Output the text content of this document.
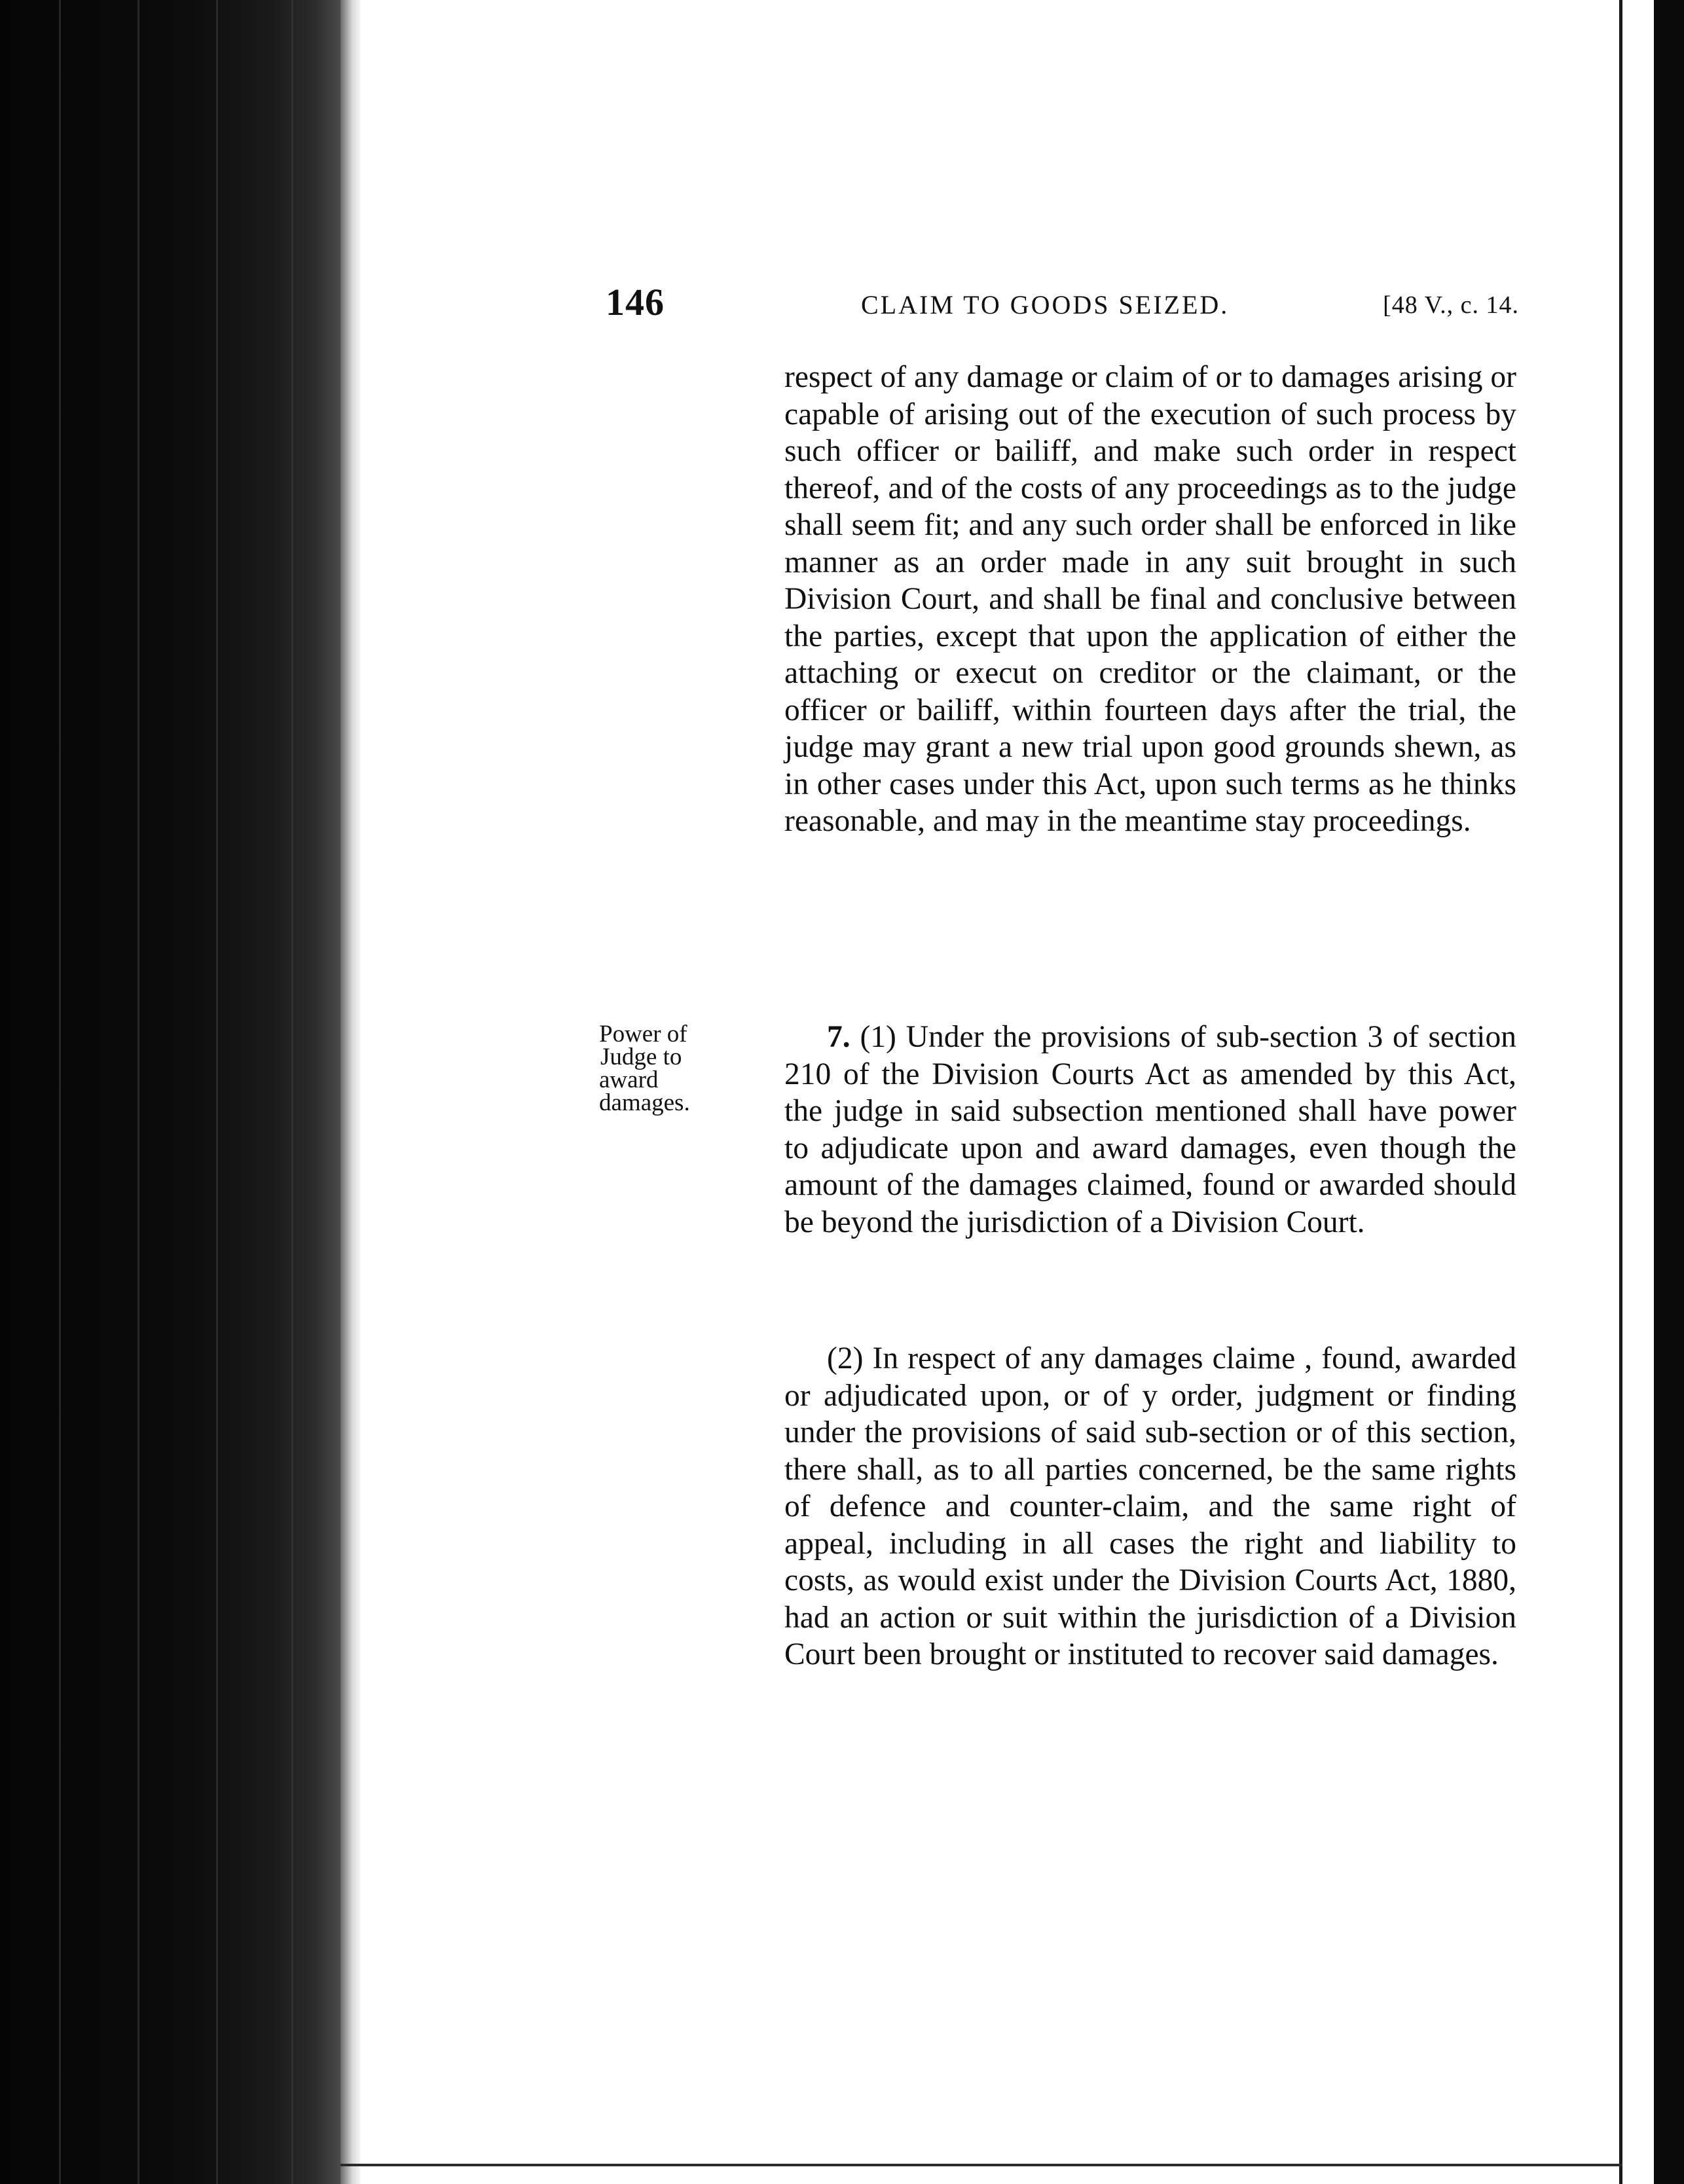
146	CLAIM TO GOODS SEIZED.	[48 V., c. 14.

respect of any damage or claim of or to damages arising or capable of arising out of the execution of such process by such officer or bailiff, and make such order in respect thereof, and of the costs of any proceedings as to the judge shall seem fit; and any such order shall be enforced in like manner as an order made in any suit brought in such Division Court, and shall be final and conclusive between the parties, except that upon the application of either the attaching or execut on creditor or the claimant, or the officer or bailiff, within fourteen days after the trial, the judge may grant a new trial upon good grounds shewn, as in other cases under this Act, upon such terms as he thinks reasonable, and may in the meantime stay proceedings.

Power of
Judge to
award
damages.

7. (1) Under the provisions of sub-section 3 of section 210 of the Division Courts Act as amended by this Act, the judge in said subsection mentioned shall have power to adjudicate upon and award damages, even though the amount of the damages claimed, found or awarded should be beyond the jurisdiction of a Division Court.

(2) In respect of any damages claime , found, awarded or adjudicated upon, or of y order, judgment or finding under the provisions of said sub-section or of this section, there shall, as to all parties concerned, be the same rights of defence and counter-claim, and the same right of appeal, including in all cases the right and liability to costs, as would exist under the Division Courts Act, 1880, had an action or suit within the jurisdiction of a Division Court been brought or instituted to recover said damages.
